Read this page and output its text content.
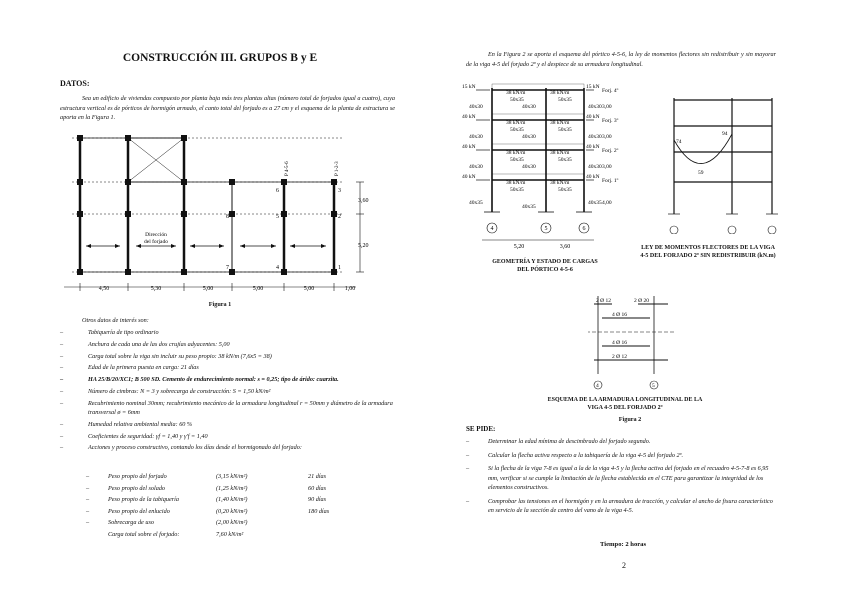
CONSTRUCCIÓN III. GRUPOS B y E
DATOS:
Sea un edificio de viviendas compuesto por planta baja más tres plantas altas (número total de forjados igual a cuatro), cuya estructura vertical es de pórticos de hormigón armado, el canto total del forjado es a 27 cm y el esquema de la planta de estructura se aporta en la Figura 1.
Dirección
del forjado
8
7
6
5
4
3
2
1
P 4-5-6	P 1-2-3
3,60
5,20
4,50	5,30	5,00	5,00	5,00	1,00
Figura 1
Otros datos de interés son:
– Tabiquería de tipo ordinario
– Anchura de cada una de las dos crujías adyacentes: 5,00
– Carga total sobre la viga sin incluir su peso propio: 38 kN/m (7,6x5 = 38)
– Edad de la primera puesta en carga: 21 días
– HA 25/B/20/XC1; B 500 SD. Cemento de endurecimiento normal: s = 0,25; tipo de árido: cuarzita.
– Número de cimbras: N = 3 y sobrecarga de construcción: S = 1,50 kN/m²
– Recubrimiento nominal 30mm; recubrimiento mecánico de la armadura longitudinal r = 50mm y diámetro de la armadura transversal ø = 6mm
– Humedad relativa ambiental media: 60 %
– Coeficientes de seguridad: γf = 1,40 y γ'f = 1,40
– Acciones y proceso constructivo, contando los días desde el hormigonado del forjado:
–	Peso propio del forjado	(3,15 kN/m²)	21 días
–	Peso propio del solado	(1,25 kN/m²)	60 días
–	Peso propio de la tabiquería	(1,40 kN/m²)	90 días
–	Peso propio del enlucido	(0,20 kN/m²)	180 días
–	Sobrecarga de uso	(2,00 kN/m²)
Carga total sobre el forjado:	7,60 kN/m²
En la Figura 2 se aporta el esquema del pórtico 4-5-6, la ley de momentos flectores sin redistribuir y sin mayorar de la viga 4-5 del forjado 2º y el despiece de su armadura longitudinal.
15 kN
40 kN
40 kN
40 kN
15 kN
40 kN
40 kN
40 kN
38 kN/m	38 kN/m
38 kN/m	38 kN/m
38 kN/m	38 kN/m
38 kN/m	38 kN/m
50x35	50x35
50x35	50x35
50x35	50x35
50x35	50x35
40x30	40x30	40x30
40x30	40x30	40x30
40x30	40x30	40x30
40x35
40x35
40x35
Forj. 4º
Forj. 3º
Forj. 2º
Forj. 1º
3,00
3,00
3,00
4,00
4	5	6
5,20	3,60
GEOMETRÍA Y ESTADO DE CARGAS
DEL PÓRTICO 4-5-6
74
94
59
LEY DE MOMENTOS FLECTORES DE LA VIGA
4-5 DEL FORJADO 2º SIN REDISTRIBUIR (kN.m)
2 Ø 12	2 Ø 20
4 Ø 16
4 Ø 16
2 Ø 12
4	5
ESQUEMA DE LA ARMADURA LONGITUDINAL DE LA
VIGA 4-5 DEL FORJADO 2º
Figura 2
SE PIDE:
– Determinar la edad mínima de descimbrado del forjado segundo.
– Calcular la flecha activa respecto a la tabiquería de la viga 4-5 del forjado 2º.
– Si la flecha de la viga 7-8 es igual a la de la viga 4-5 y la flecha activa del forjado en el recuadro 4-5-7-8 es 6,95 mm, verificar si se cumple la limitación de la flecha establecida en el CTE para garantizar la integridad de los elementos constructivos.
– Comprobar las tensiones en el hormigón y en la armadura de tracción, y calcular el ancho de fisura característico en servicio de la sección de centro del vano de la viga 4-5.
Tiempo: 2 horas
2
